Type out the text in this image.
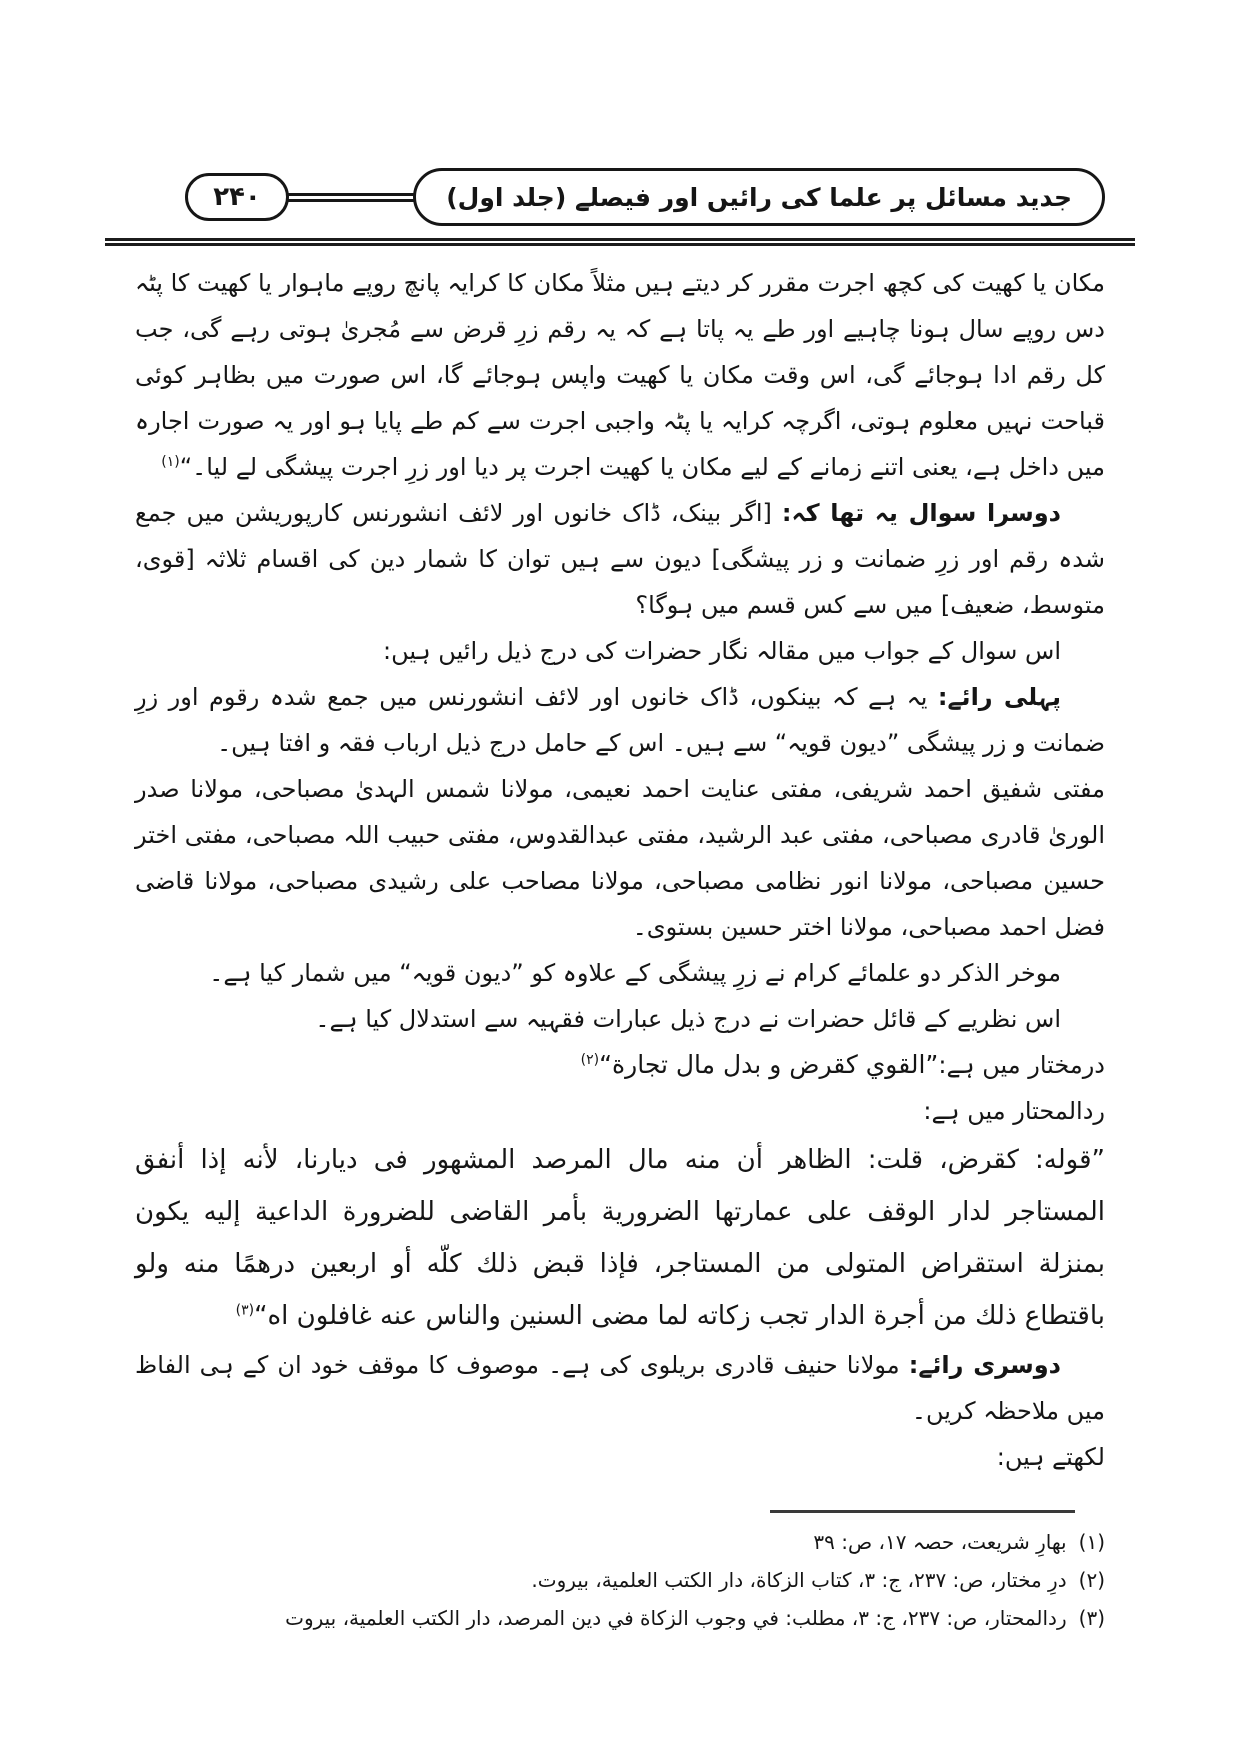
۲۴۰	جدید مسائل پر علما کی رائیں اور فیصلے (جلد اول)

مکان یا کھیت کی کچھ اجرت مقرر کر دیتے ہیں مثلاً مکان کا کرایہ پانچ روپے ماہوار یا کھیت کا پٹہ دس روپے سال ہونا چاہیے اور طے یہ پاتا ہے کہ یہ رقم زرِ قرض سے مُجریٰ ہوتی رہے گی، جب کل رقم ادا ہوجائے گی، اس وقت مکان یا کھیت واپس ہوجائے گا، اس صورت میں بظاہر کوئی قباحت نہیں معلوم ہوتی، اگرچہ کرایہ یا پٹہ واجبی اجرت سے کم طے پایا ہو اور یہ صورت اجارہ میں داخل ہے، یعنی اتنے زمانے کے لیے مکان یا کھیت اجرت پر دیا اور زرِ اجرت پیشگی لے لیا۔“$^{(۱)}$

دوسرا سوال یہ تھا کہ: [اگر بینک، ڈاک خانوں اور لائف انشورنس کارپوریشن میں جمع شدہ رقم اور زرِ ضمانت و زر پیشگی] دیون سے ہیں توان کا شمار دین کی اقسام ثلاثہ [قوی، متوسط، ضعیف] میں سے کس قسم میں ہوگا؟

اس سوال کے جواب میں مقالہ نگار حضرات کی درج ذیل رائیں ہیں:

پہلی رائے: یہ ہے کہ بینکوں، ڈاک خانوں اور لائف انشورنس میں جمع شدہ رقوم اور زرِ ضمانت و زر پیشگی ”دیون قویہ“ سے ہیں۔ اس کے حامل درج ذیل ارباب فقہ و افتا ہیں۔

مفتی شفیق احمد شریفی، مفتی عنایت احمد نعیمی، مولانا شمس الہدیٰ مصباحی، مولانا صدر الوریٰ قادری مصباحی، مفتی عبد الرشید، مفتی عبدالقدوس، مفتی حبیب اللہ مصباحی، مفتی اختر حسین مصباحی، مولانا انور نظامی مصباحی، مولانا مصاحب علی رشیدی مصباحی، مولانا قاضی فضل احمد مصباحی، مولانا اختر حسین بستوی۔

موخر الذکر دو علمائے کرام نے زرِ پیشگی کے علاوہ کو ”دیون قویہ“ میں شمار کیا ہے۔

اس نظریے کے قائل حضرات نے درج ذیل عبارات فقہیہ سے استدلال کیا ہے۔

درمختار میں ہے:”القوي كقرض و بدل مال تجارة“$^{(۲)}$

ردالمحتار میں ہے:

”قوله: كقرض، قلت: الظاهر أن منه مال المرصد المشهور فى ديارنا، لأنه إذا أنفق المستاجر لدار الوقف على عمارتها الضرورية بأمر القاضى للضرورة الداعية إليه يكون بمنزلة استقراض المتولى من المستاجر، فإذا قبض ذلك كلّه أو اربعين درهمًا منه ولو باقتطاع ذلك من أجرة الدار تجب زكاته لما مضى السنين والناس عنه غافلون اه“$^{(۳)}$

دوسری رائے: مولانا حنیف قادری بریلوی کی ہے۔ موصوف کا موقف خود ان کے ہی الفاظ میں ملاحظہ کریں۔

لکھتے ہیں:

(۱)بهارِ شریعت، حصہ ۱۷، ص: ۳۹
(۲)درِ مختار، ص: ۲۳۷، ج: ۳، کتاب الزکاة، دار الکتب العلمیة، بیروت.
(۳)ردالمحتار، ص: ۲۳۷، ج: ۳، مطلب: في وجوب الزکاة في دین المرصد، دار الکتب العلمیة، بیروت
